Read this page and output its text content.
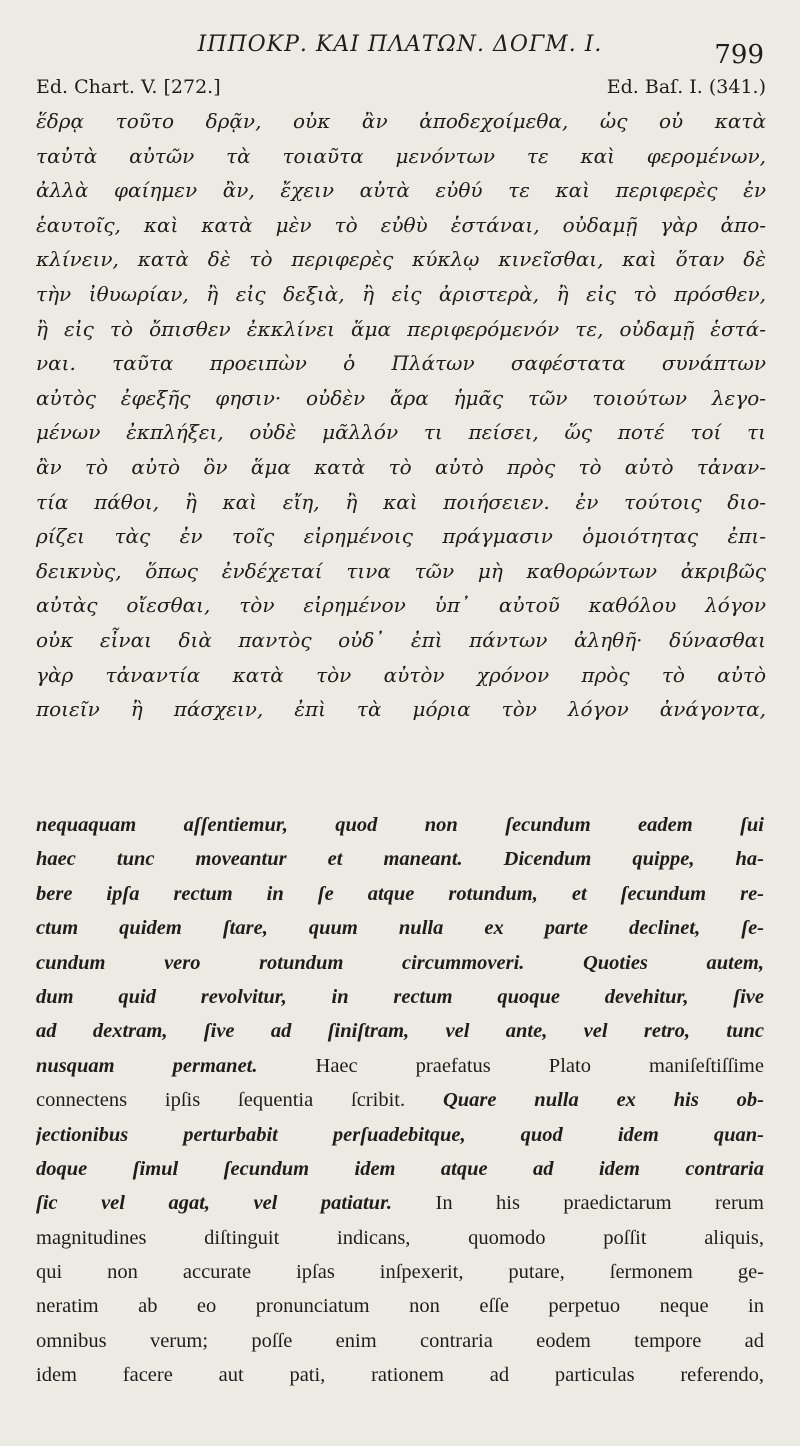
ΙΠΠΟΚΡ. ΚΑΙ ΠΛΑΤΩΝ. ΔΟΓΜ. Ι.	799
Ed. Chart. V. [272.]	Ed. Baſ. I. (341.)
ἕδρᾳ τοῦτο δρᾷν, οὐκ ἂν ἀποδεχοίμεθα, ὡς οὐ κατὰ
ταὐτὰ αὐτῶν τὰ τοιαῦτα μενόντων τε καὶ φερομένων,
ἀλλὰ φαίημεν ἂν, ἔχειν αὐτὰ εὐθύ τε καὶ περιφερὲς ἐν
ἑαυτοῖς, καὶ κατὰ μὲν τὸ εὐθὺ ἑστάναι, οὐδαμῇ γὰρ ἀπο-
κλίνειν, κατὰ δὲ τὸ περιφερὲς κύκλῳ κινεῖσθαι, καὶ ὅταν δὲ
τὴν ἰθυωρίαν, ἢ εἰς δεξιὰ, ἢ εἰς ἀριστερὰ, ἢ εἰς τὸ πρόσθεν,
ἢ εἰς τὸ ὄπισθεν ἐκκλίνει ἅμα περιφερόμενόν τε, οὐδαμῇ ἑστά-
ναι. ταῦτα προειπὼν ὁ Πλάτων σαφέστατα συνάπτων
αὐτὸς ἐφεξῆς φησιν· οὐδὲν ἄρα ἡμᾶς τῶν τοιούτων λεγο-
μένων ἐκπλήξει, οὐδὲ μᾶλλόν τι πείσει, ὥς ποτέ τοί τι
ἂν τὸ αὐτὸ ὂν ἅμα κατὰ τὸ αὐτὸ πρὸς τὸ αὐτὸ τἀναν-
τία πάθοι, ἢ καὶ εἴη, ἢ καὶ ποιήσειεν. ἐν τούτοις διο-
ρίζει τὰς ἐν τοῖς εἰρημένοις πράγμασιν ὁμοιότητας ἐπι-
δεικνὺς, ὅπως ἐνδέχεταί τινα τῶν μὴ καθορώντων ἀκριβῶς
αὐτὰς οἴεσθαι, τὸν εἰρημένον ὑπ᾽ αὐτοῦ καθόλου λόγον
οὐκ εἶναι διὰ παντὸς οὐδ᾽ ἐπὶ πάντων ἀληθῆ· δύνασθαι
γὰρ τἀναντία κατὰ τὸν αὐτὸν χρόνον πρὸς τὸ αὐτὸ
ποιεῖν ἢ πάσχειν, ἐπὶ τὰ μόρια τὸν λόγον ἀνάγοντα,
nequaquam aſſentiemur, quod non ſecundum eadem ſui
haec tunc moveantur et maneant. Dicendum quippe, ha-
bere ipſa rectum in ſe atque rotundum, et ſecundum re-
ctum quidem ſtare, quum nulla ex parte declinet, ſe-
cundum vero rotundum circummoveri. Quoties autem,
dum quid revolvitur, in rectum quoque devehitur, ſive
ad dextram, ſive ad ſiniſtram, vel ante, vel retro, tunc
nusquam permanet. Haec praefatus Plato maniſeſtiſſime
connectens ipſis ſequentia ſcribit. Quare nulla ex his ob-
jectionibus perturbabit perſuadebitque, quod idem quan-
doque ſimul ſecundum idem atque ad idem contraria
ſic vel agat, vel patiatur. In his praedictarum rerum
magnitudines diſtinguit indicans, quomodo poſſit aliquis,
qui non accurate ipſas inſpexerit, putare, ſermonem ge-
neratim ab eo pronunciatum non eſſe perpetuo neque in
omnibus verum; poſſe enim contraria eodem tempore ad
idem facere aut pati, rationem ad particulas referendo,
